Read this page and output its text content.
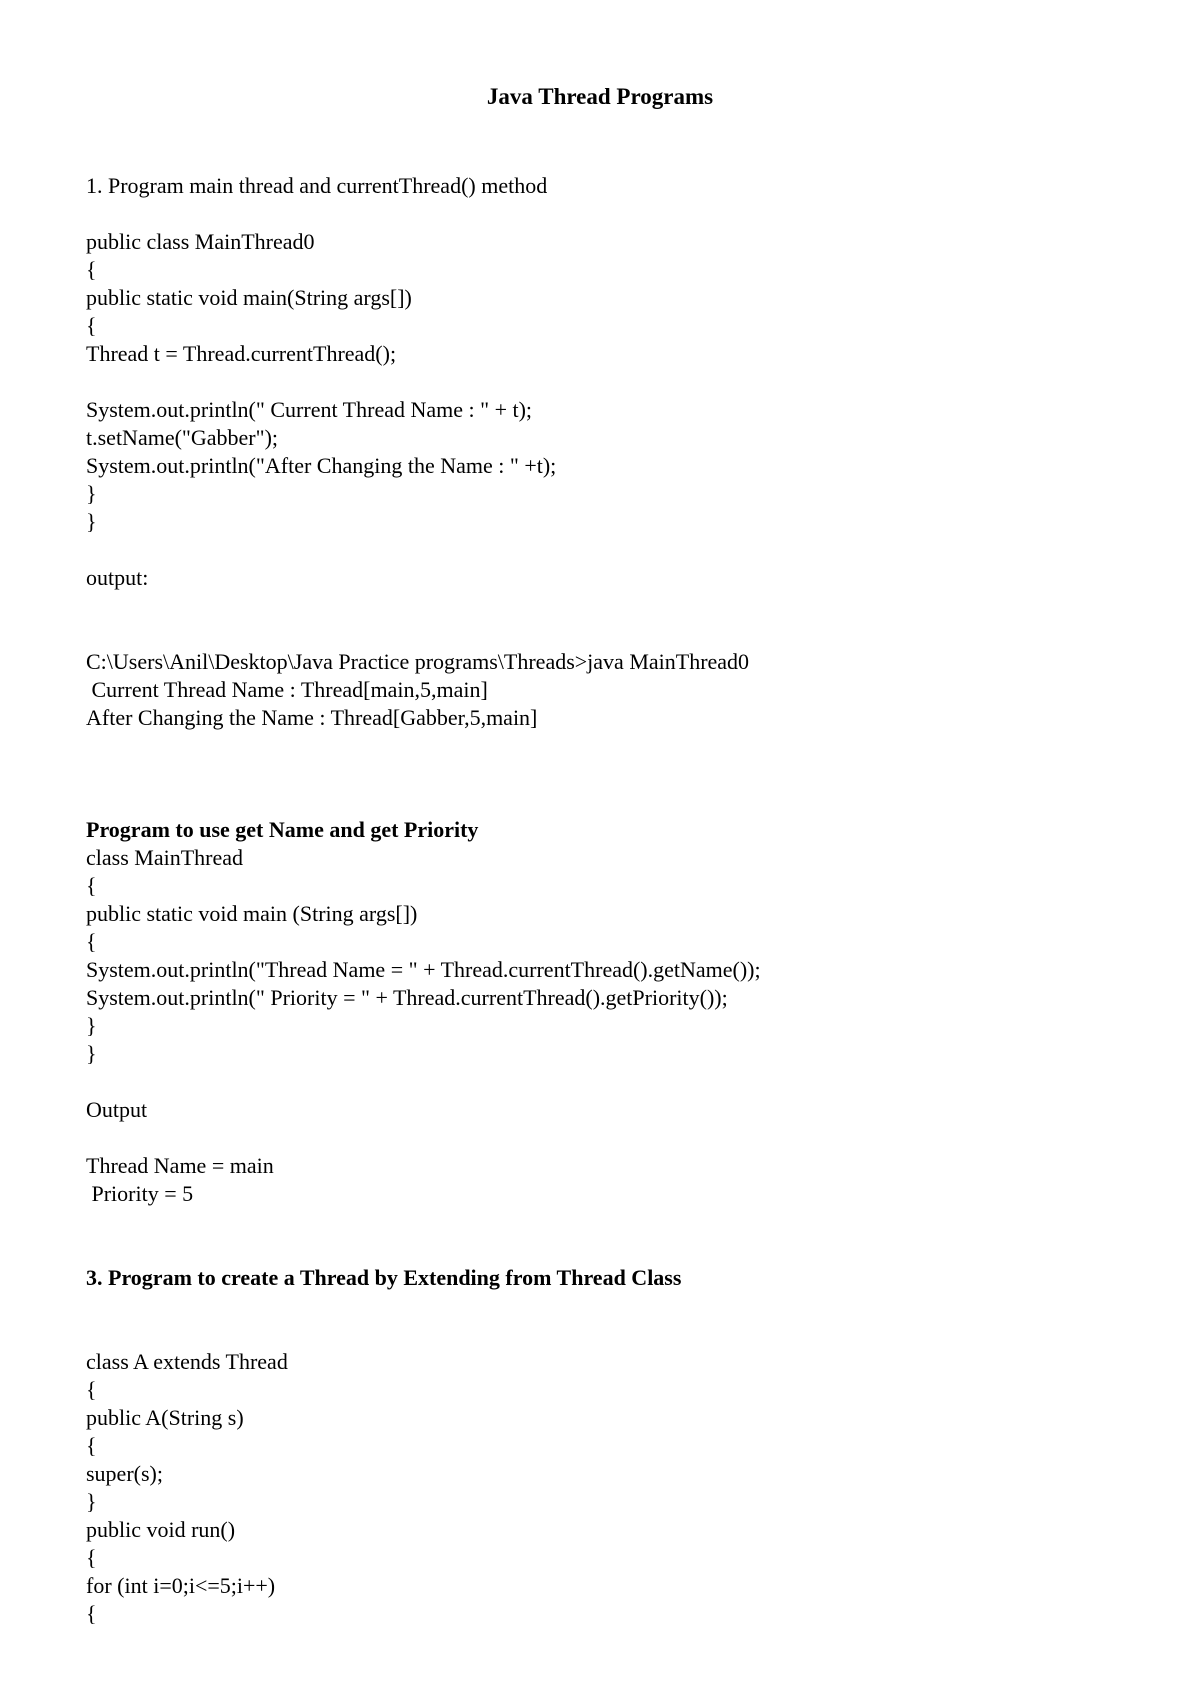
Java Thread Programs
1. Program main thread and currentThread() method
public class MainThread0
{
public static void main(String args[])
{
Thread t = Thread.currentThread();
System.out.println(" Current Thread Name : " + t);
t.setName("Gabber");
System.out.println("After Changing the Name : " +t);
}
}
output:
C:\Users\Anil\Desktop\Java Practice programs\Threads>java MainThread0
Current Thread Name : Thread[main,5,main]
After Changing the Name : Thread[Gabber,5,main]
Program to use get Name and get Priority
class MainThread
{
public static void main (String args[])
{
System.out.println("Thread Name = " + Thread.currentThread().getName());
System.out.println(" Priority = " + Thread.currentThread().getPriority());
}
}
Output
Thread Name = main
Priority = 5
3. Program to create a Thread by Extending from Thread Class
class A extends Thread
{
public A(String s)
{
super(s);
}
public void run()
{
for (int i=0;i<=5;i++)
{
